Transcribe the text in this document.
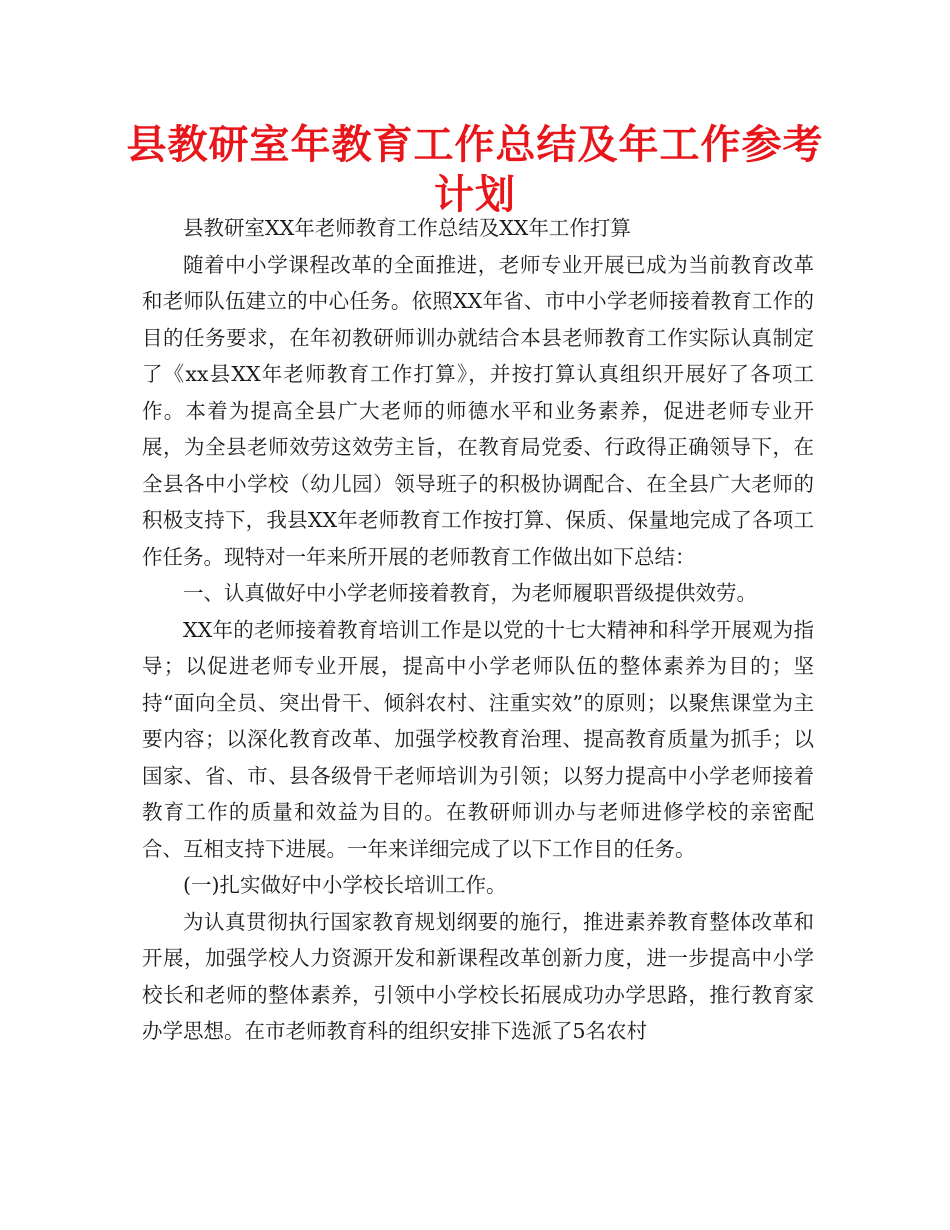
县教研室年教育工作总结及年工作参考计划

县教研室XX年老师教育工作总结及XX年工作打算

随着中小学课程改革的全面推进，老师专业开展已成为当前教育改革和老师队伍建立的中心任务。依照XX年省、市中小学老师接着教育工作的目的任务要求，在年初教研师训办就结合本县老师教育工作实际认真制定了《xx县XX年老师教育工作打算》，并按打算认真组织开展好了各项工作。本着为提高全县广大老师的师德水平和业务素养，促进老师专业开展，为全县老师效劳这效劳主旨，在教育局党委、行政得正确领导下，在全县各中小学校（幼儿园）领导班子的积极协调配合、在全县广大老师的积极支持下，我县XX年老师教育工作按打算、保质、保量地完成了各项工作任务。现特对一年来所开展的老师教育工作做出如下总结：

一、认真做好中小学老师接着教育，为老师履职晋级提供效劳。

XX年的老师接着教育培训工作是以党的十七大精神和科学开展观为指导；以促进老师专业开展，提高中小学老师队伍的整体素养为目的；坚持“面向全员、突出骨干、倾斜农村、注重实效”的原则；以聚焦课堂为主要内容；以深化教育改革、加强学校教育治理、提高教育质量为抓手；以国家、省、市、县各级骨干老师培训为引领；以努力提高中小学老师接着教育工作的质量和效益为目的。在教研师训办与老师进修学校的亲密配合、互相支持下进展。一年来详细完成了以下工作目的任务。

(一)扎实做好中小学校长培训工作。

为认真贯彻执行国家教育规划纲要的施行，推进素养教育整体改革和开展，加强学校人力资源开发和新课程改革创新力度，进一步提高中小学校长和老师的整体素养，引领中小学校长拓展成功办学思路，推行教育家办学思想。在市老师教育科的组织安排下选派了5名农村
